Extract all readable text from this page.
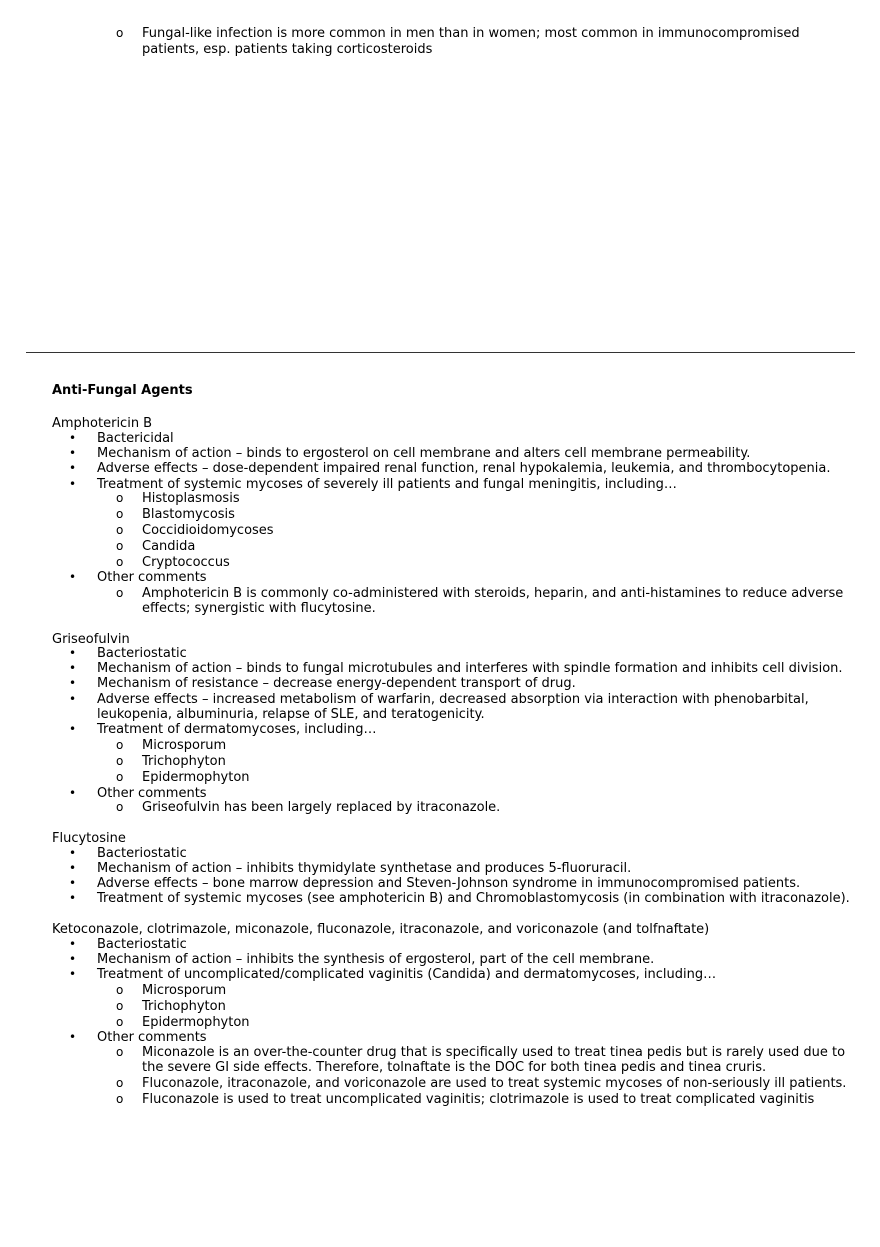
o Fungal-like infection is more common in men than in women; most common in immunocompromised
patients, esp. patients taking corticosteroids
Anti-Fungal Agents
Amphotericin B
• Bactericidal
• Mechanism of action – binds to ergosterol on cell membrane and alters cell membrane permeability.
• Adverse effects – dose-dependent impaired renal function, renal hypokalemia, leukemia, and thrombocytopenia.
• Treatment of systemic mycoses of severely ill patients and fungal meningitis, including…
o Histoplasmosis
o Blastomycosis
o Coccidioidomycoses
o Candida
o Cryptococcus
• Other comments
o Amphotericin B is commonly co-administered with steroids, heparin, and anti-histamines to reduce adverse
effects; synergistic with flucytosine.
Griseofulvin
• Bacteriostatic
• Mechanism of action – binds to fungal microtubules and interferes with spindle formation and inhibits cell division.
• Mechanism of resistance – decrease energy-dependent transport of drug.
• Adverse effects – increased metabolism of warfarin, decreased absorption via interaction with phenobarbital,
leukopenia, albuminuria, relapse of SLE, and teratogenicity.
• Treatment of dermatomycoses, including…
o Microsporum
o Trichophyton
o Epidermophyton
• Other comments
o Griseofulvin has been largely replaced by itraconazole.
Flucytosine
• Bacteriostatic
• Mechanism of action – inhibits thymidylate synthetase and produces 5-fluoruracil.
• Adverse effects – bone marrow depression and Steven-Johnson syndrome in immunocompromised patients.
• Treatment of systemic mycoses (see amphotericin B) and Chromoblastomycosis (in combination with itraconazole).
Ketoconazole, clotrimazole, miconazole, fluconazole, itraconazole, and voriconazole (and tolfnaftate)
• Bacteriostatic
• Mechanism of action – inhibits the synthesis of ergosterol, part of the cell membrane.
• Treatment of uncomplicated/complicated vaginitis (Candida) and dermatomycoses, including…
o Microsporum
o Trichophyton
o Epidermophyton
• Other comments
o Miconazole is an over-the-counter drug that is specifically used to treat tinea pedis but is rarely used due to
the severe GI side effects. Therefore, tolnaftate is the DOC for both tinea pedis and tinea cruris.
o Fluconazole, itraconazole, and voriconazole are used to treat systemic mycoses of non-seriously ill patients.
o Fluconazole is used to treat uncomplicated vaginitis; clotrimazole is used to treat complicated vaginitis
